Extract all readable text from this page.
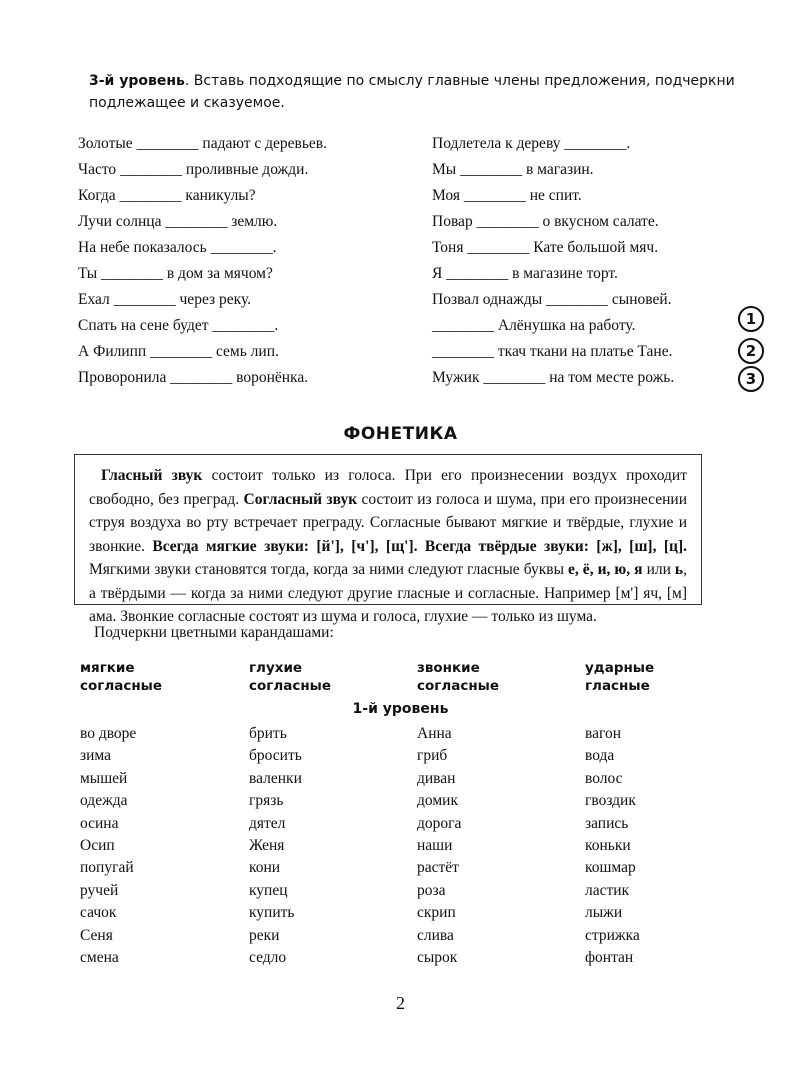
3-й уровень. Вставь подходящие по смыслу главные члены предложения, подчеркни подлежащее и сказуемое.
Золотые ________ падают с деревьев.
Часто ________ проливные дожди.
Когда ________ каникулы?
Лучи солнца ________ землю.
На небе показалось ________.
Ты ________ в дом за мячом?
Ехал ________ через реку.
Спать на сене будет ________.
А Филипп ________ семь лип.
Проворонила ________ воронёнка.
Подлетела к дереву ________.
Мы ________ в магазин.
Моя ________ не спит.
Повар ________ о вкусном салате.
Тоня ________ Кате большой мяч.
Я ________ в магазине торт.
Позвал однажды ________ сыновей.
________ Алёнушка на работу.
________ ткач ткани на платье Тане.
Мужик ________ на том месте рожь.
1
2
3
ФОНЕТИКА
Гласный звук состоит только из голоса. При его произнесении воздух проходит свободно, без преград. Согласный звук состоит из голоса и шума, при его произнесении струя воздуха во рту встречает преграду. Согласные бывают мягкие и твёрдые, глухие и звонкие. Всегда мягкие звуки: [й'], [ч'], [щ']. Всегда твёрдые звуки: [ж], [ш], [ц]. Мягкими звуки становятся тогда, когда за ними следуют гласные буквы е, ё, и, ю, я или ь, а твёрдыми — когда за ними следуют другие гласные и согласные. Например [м'] яч, [м] ама. Звонкие согласные состоят из шума и голоса, глухие — только из шума.
Подчеркни цветными карандашами:
мягкие
согласные
глухие
согласные
звонкие
согласные
ударные
гласные
1-й уровень
во дворе
зима
мышей
одежда
осина
Осип
попугай
ручей
сачок
Сеня
смена
брить
бросить
валенки
грязь
дятел
Женя
кони
купец
купить
реки
седло
Анна
гриб
диван
домик
дорога
наши
растёт
роза
скрип
слива
сырок
вагон
вода
волос
гвоздик
запись
коньки
кошмар
ластик
лыжи
стрижка
фонтан
2
